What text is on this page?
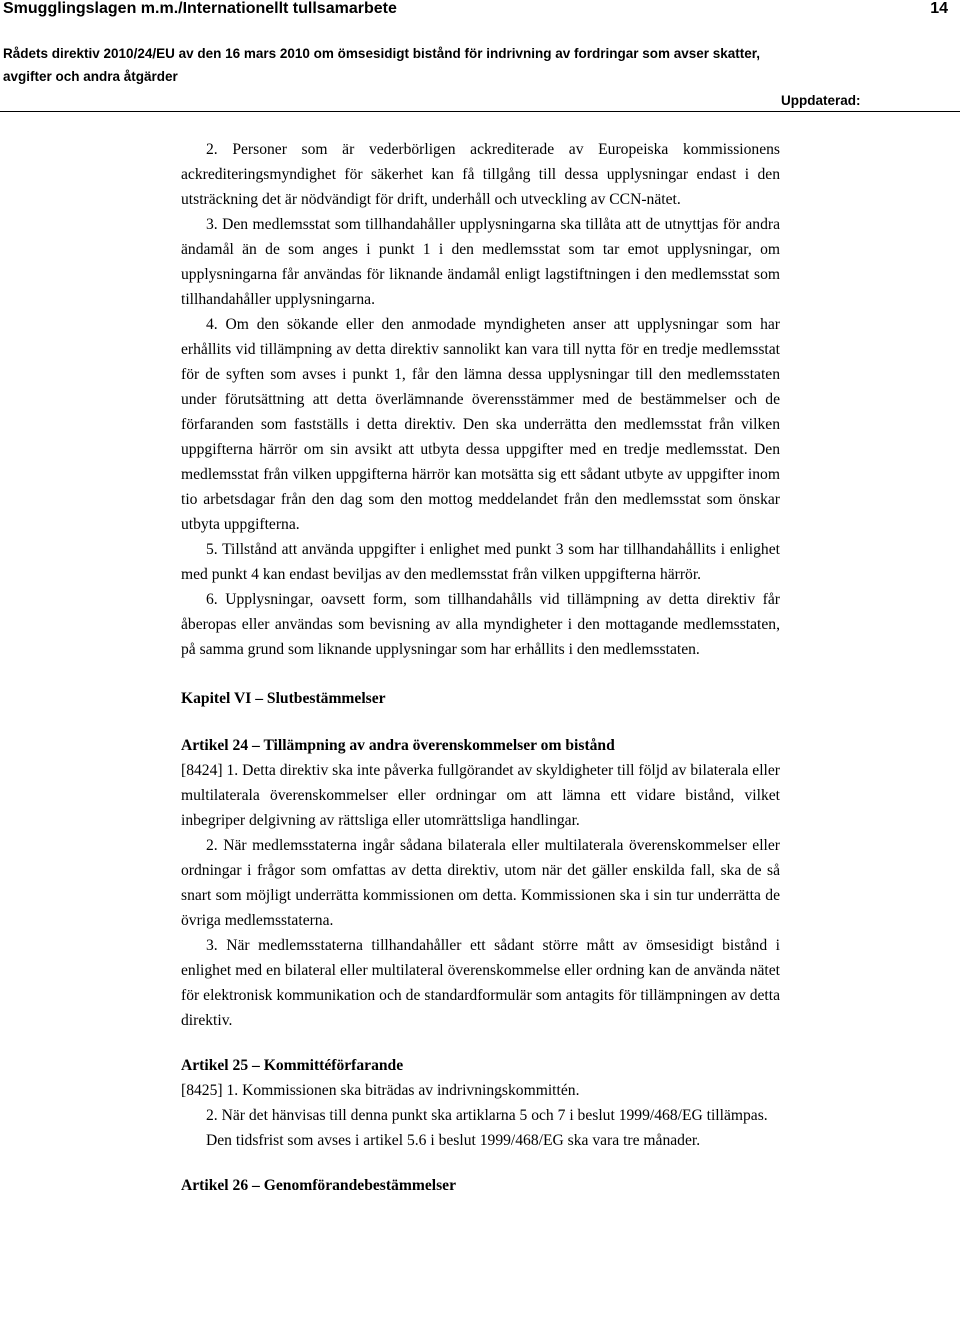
Smugglingslagen m.m./Internationellt tullsamarbete	14
Rådets direktiv 2010/24/EU av den 16 mars 2010 om ömsesidigt bistånd för indrivning av fordringar som avser skatter,
avgifter och andra åtgärder
Uppdaterad:

2. Personer som är vederbörligen ackrediterade av Europeiska kommissionens ackrediteringsmyndighet för säkerhet kan få tillgång till dessa upplysningar endast i den utsträckning det är nödvändigt för drift, underhåll och utveckling av CCN-nätet.

3. Den medlemsstat som tillhandahåller upplysningarna ska tillåta att de utnyttjas för andra ändamål än de som anges i punkt 1 i den medlemsstat som tar emot upplysningar, om upplysningarna får användas för liknande ändamål enligt lagstiftningen i den medlemsstat som tillhandahåller upplysningarna.

4. Om den sökande eller den anmodade myndigheten anser att upplysningar som har erhållits vid tillämpning av detta direktiv sannolikt kan vara till nytta för en tredje medlemsstat för de syften som avses i punkt 1, får den lämna dessa upplysningar till den medlemsstaten under förutsättning att detta överlämnande överensstämmer med de bestämmelser och de förfaranden som fastställs i detta direktiv. Den ska underrätta den medlemsstat från vilken uppgifterna härrör om sin avsikt att utbyta dessa uppgifter med en tredje medlemsstat. Den medlemsstat från vilken uppgifterna härrör kan motsätta sig ett sådant utbyte av uppgifter inom tio arbetsdagar från den dag som den mottog meddelandet från den medlemsstat som önskar utbyta uppgifterna.

5. Tillstånd att använda uppgifter i enlighet med punkt 3 som har tillhandahållits i enlighet med punkt 4 kan endast beviljas av den medlemsstat från vilken uppgifterna härrör.

6. Upplysningar, oavsett form, som tillhandahålls vid tillämpning av detta direktiv får åberopas eller användas som bevisning av alla myndigheter i den mottagande medlemsstaten, på samma grund som liknande upplysningar som har erhållits i den medlemsstaten.

Kapitel VI – Slutbestämmelser
Artikel 24 – Tillämpning av andra överenskommelser om bistånd

[8424] 1. Detta direktiv ska inte påverka fullgörandet av skyldigheter till följd av bilaterala eller multilaterala överenskommelser eller ordningar om att lämna ett vidare bistånd, vilket inbegriper delgivning av rättsliga eller utomrättsliga handlingar.

2. När medlemsstaterna ingår sådana bilaterala eller multilaterala överenskommelser eller ordningar i frågor som omfattas av detta direktiv, utom när det gäller enskilda fall, ska de så snart som möjligt underrätta kommissionen om detta. Kommissionen ska i sin tur underrätta de övriga medlemsstaterna.

3. När medlemsstaterna tillhandahåller ett sådant större mått av ömsesidigt bistånd i enlighet med en bilateral eller multilateral överenskommelse eller ordning kan de använda nätet för elektronisk kommunikation och de standardformulär som antagits för tillämpningen av detta direktiv.

Artikel 25 – Kommittéförfarande

[8425] 1. Kommissionen ska biträdas av indrivningskommittén.

2. När det hänvisas till denna punkt ska artiklarna 5 och 7 i beslut 1999/468/EG tillämpas.

Den tidsfrist som avses i artikel 5.6 i beslut 1999/468/EG ska vara tre månader.

Artikel 26 – Genomförandebestämmelser
